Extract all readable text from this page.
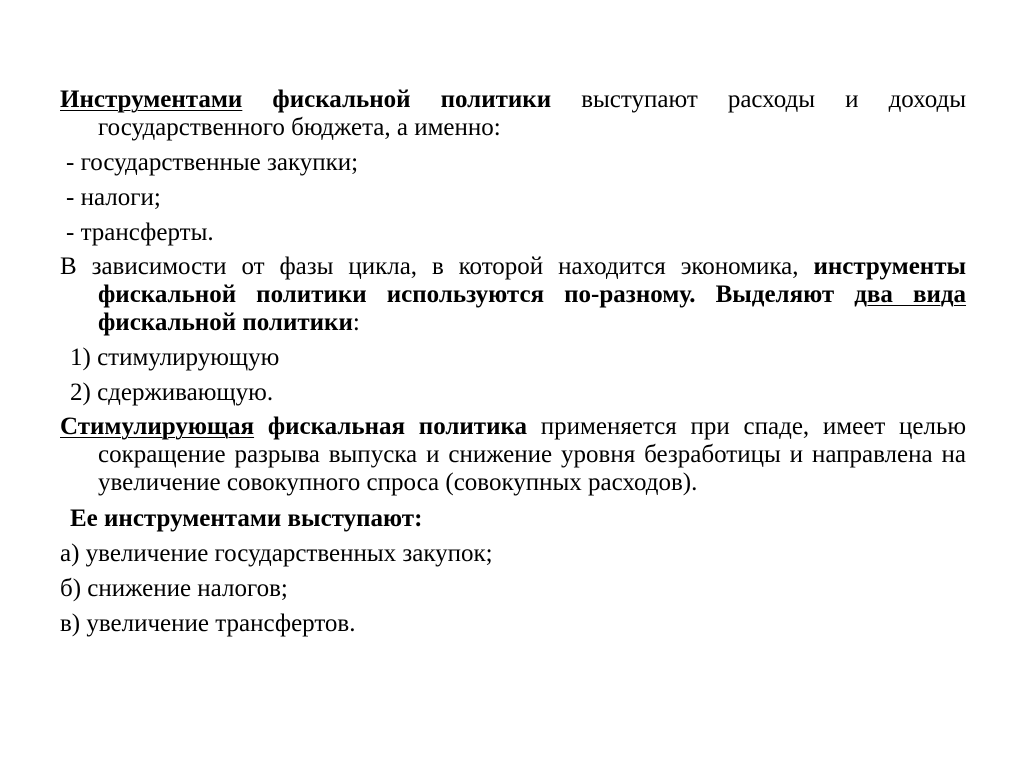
Инструментами фискальной политики выступают расходы и доходы государственного бюджета, а именно:

- государственные закупки;

- налоги;

- трансферты.

В зависимости от фазы цикла, в которой находится экономика, инструменты фискальной политики используются по-разному. Выделяют два вида фискальной политики:

1) стимулирующую

2) сдерживающую.

Стимулирующая фискальная политика применяется при спаде, имеет целью сокращение разрыва выпуска и снижение уровня безработицы и направлена на увеличение совокупного спроса (совокупных расходов).

Ее инструментами выступают:

а) увеличение государственных закупок;

б) снижение налогов;

в) увеличение трансфертов.
